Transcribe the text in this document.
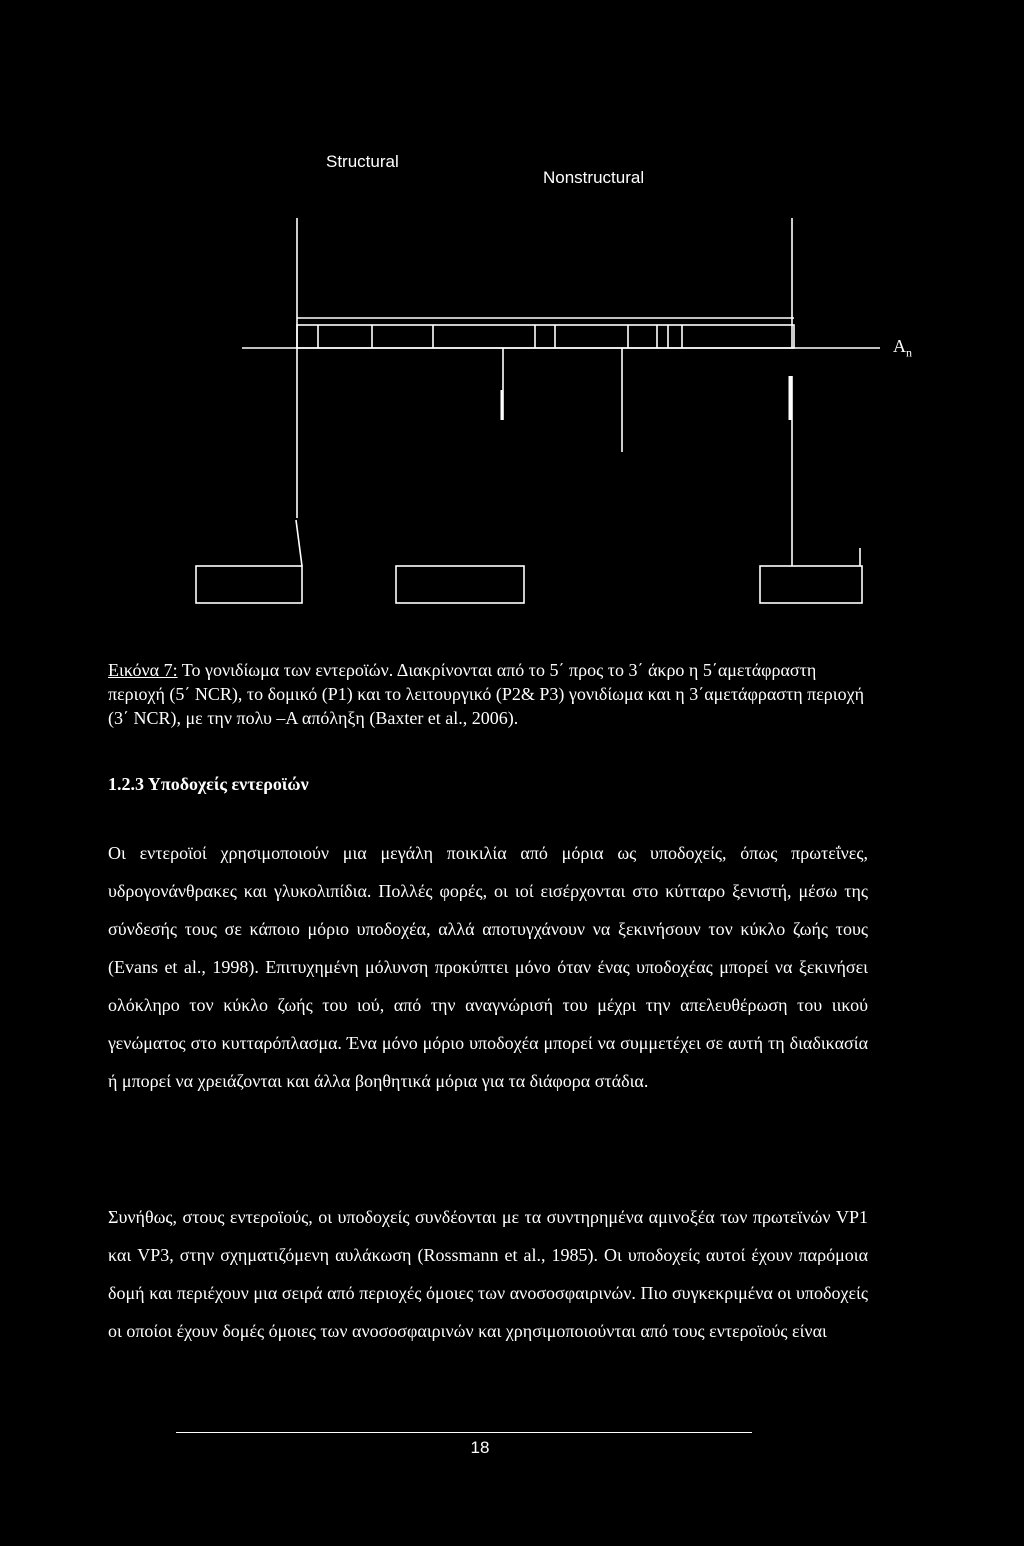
Structural
Nonstructural
$A_n$
Εικόνα 7: Το γονιδίωμα των εντεροϊών. Διακρίνονται από το 5΄ προς το 3΄ άκρο η 5΄αμετάφραστη περιοχή (5΄ NCR), το δομικό (P1) και το λειτουργικό (P2& P3) γονιδίωμα και η 3΄αμετάφραστη περιοχή (3΄ NCR), με την πολυ –Α απόληξη (Baxter et al., 2006).
1.2.3 Υποδοχείς εντεροϊών

Οι εντεροϊοί χρησιμοποιούν μια μεγάλη ποικιλία από μόρια ως υποδοχείς, όπως πρωτεΐνες, υδρογονάνθρακες και γλυκολιπίδια. Πολλές φορές, οι ιοί εισέρχονται στο κύτταρο ξενιστή, μέσω της σύνδεσής τους σε κάποιο μόριο υποδοχέα, αλλά αποτυγχάνουν να ξεκινήσουν τον κύκλο ζωής τους (Evans et al., 1998). Επιτυχημένη μόλυνση προκύπτει μόνο όταν ένας υποδοχέας μπορεί να ξεκινήσει ολόκληρο τον κύκλο ζωής του ιού, από την αναγνώρισή του μέχρι την απελευθέρωση του ιικού γενώματος στο κυτταρόπλασμα. Ένα μόνο μόριο υποδοχέα μπορεί να συμμετέχει σε αυτή τη διαδικασία ή μπορεί να χρειάζονται και άλλα βοηθητικά μόρια για τα διάφορα στάδια.

Συνήθως, στους εντεροϊούς, οι υποδοχείς συνδέονται με τα συντηρημένα αμινοξέα των πρωτεϊνών VP1 και VP3, στην σχηματιζόμενη αυλάκωση (Rossmann et al., 1985). Οι υποδοχείς αυτοί έχουν παρόμοια δομή και περιέχουν μια σειρά από περιοχές όμοιες των ανοσοσφαιρινών. Πιο συγκεκριμένα οι υποδοχείς οι οποίοι έχουν δομές όμοιες των ανοσοσφαιρινών και χρησιμοποιούνται από τους εντεροϊούς είναι

18
